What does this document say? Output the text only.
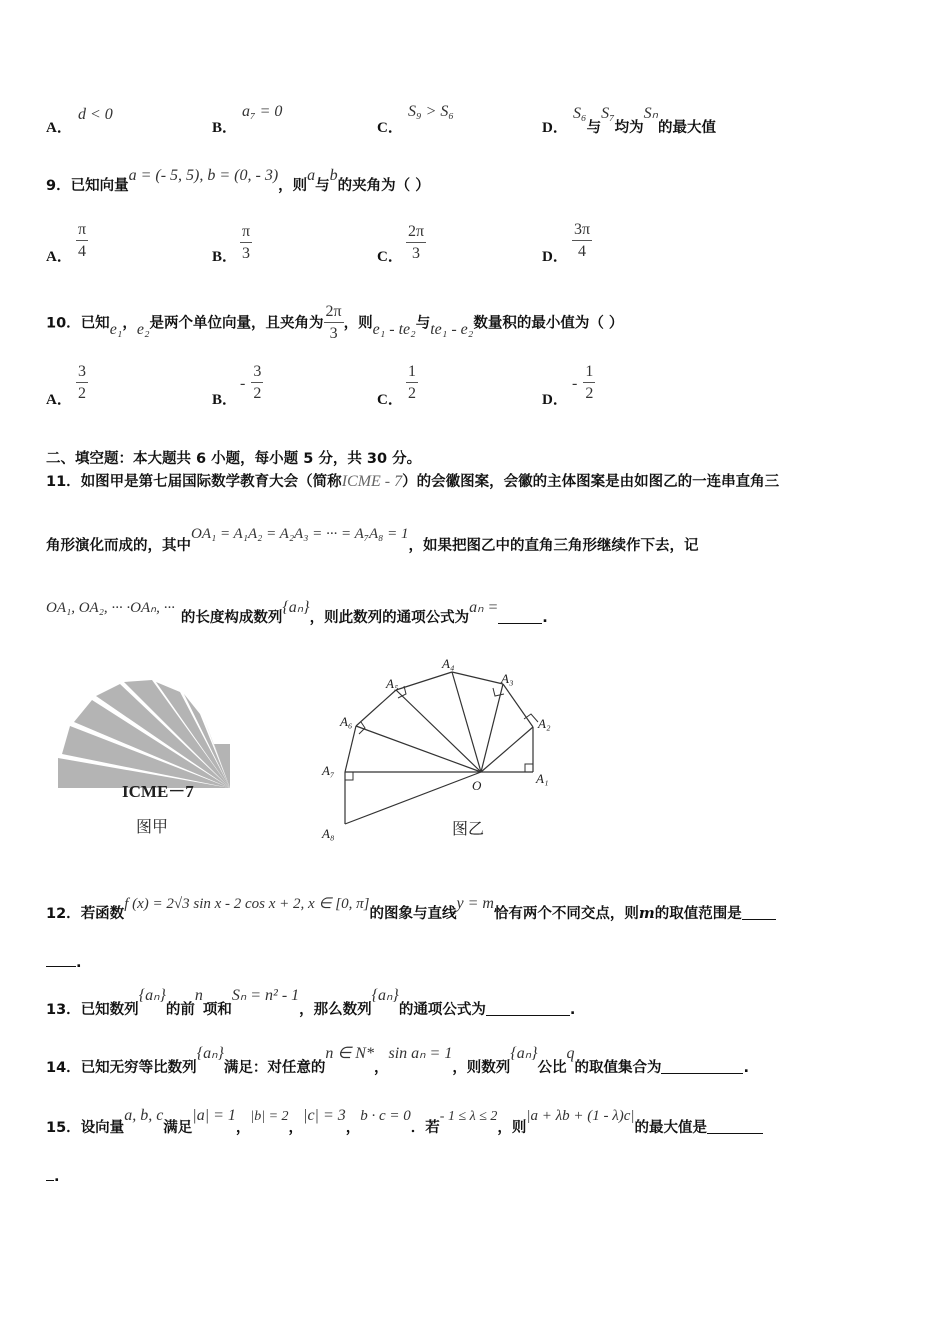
A．
d < 0
B．
a₇ = 0
C．
S₉ > S₆
D．
S₆与S₇均为Sₙ的最大值
9．已知向量a = (- 5, 5), b = (0, - 3)，则a与b的夹角为（ ）
A． $\frac{\pi}{4}$	B． $\frac{\pi}{3}$	C． $\frac{2\pi}{3}$	D． $\frac{3\pi}{4}$
10．已知e₁，e₂是两个单位向量，且夹角为 $\frac{2\pi}{3}$ ，则e₁ - te₂与te₁ - e₂数量积的最小值为（ ）
A． $\frac{3}{2}$	B．
- $\frac{3}{2}$	C． $\frac{1}{2}$	D．
- $\frac{1}{2}$
二、填空题：本大题共 6 小题，每小题 5 分，共 30 分。
11．如图甲是第七届国际数学教育大会（简称ICME - 7）的会徽图案，会徽的主体图案是由如图乙的一连串直角三
角形演化而成的，其中OA₁ = A₁A₂ = A₂A₃ = ··· = A₇A₈ = 1，如果把图乙中的直角三角形继续作下去，记
OA₁, OA₂, ··· ·OAₙ, ···的长度构成数列{aₙ}，则此数列的通项公式为aₙ =.
ICME－7
图甲
O	A₁
A₂
A₃
A₄
A₅
A₆
A₇
A₈	图乙
12．若函数f (x) = 2√3 sin x - 2 cos x + 2, x ∈ [0, π]的图象与直线y = m恰有两个不同交点，则m的取值范围是
.
13．已知数列{aₙ}的前n项和Sₙ = n² - 1，那么数列{aₙ}的通项公式为	.
14．已知无穷等比数列{aₙ}满足：对任意的n ∈ N*，sin aₙ = 1，则数列{aₙ}公比q的取值集合为	.
15．设向量a, b, c满足|a| = 1，|b| = 2，|c| = 3，b · c = 0．若- 1 ≤ λ ≤ 2，则|a + λb + (1 - λ)c|的最大值是
.
